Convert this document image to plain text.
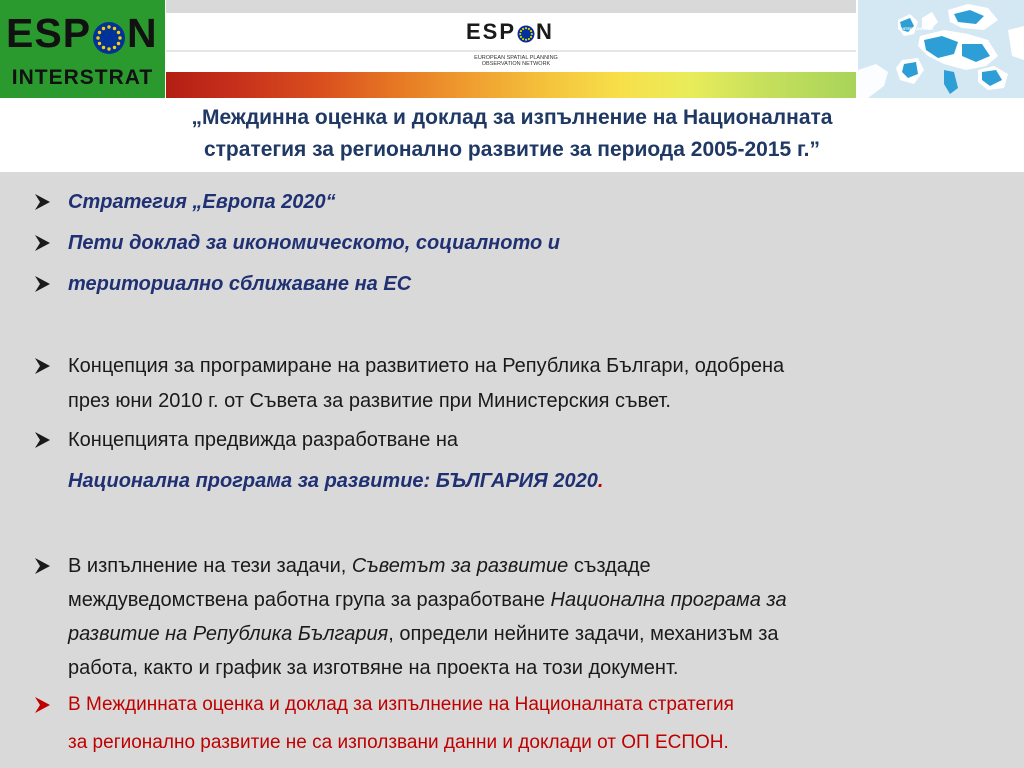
ESP N
INTERSTRAT
ESP N
EUROPEAN SPATIAL PLANNING
OBSERVATION NETWORK
UNITED KINGDOM
„Междинна оценка и доклад за изпълнение на Националната
стратегия за регионално развитие за периода 2005-2015 г.”
Стратегия „Европа 2020“
Пети доклад за икономическото, социалното и
териториално сближаване на ЕС
Концепция за програмиране на развитието на Република Българи, одобрена
през юни 2010 г. от Съвета за развитие при Министерския съвет.
Концепцията предвижда разработване на
Национална програма за развитие: БЪЛГАРИЯ 2020.
В изпълнение на тези задачи, Съветът за развитие създаде
междуведомствена работна група за разработване Национална програма за
развитие на Република България, определи нейните задачи, механизъм за
работа, както и график за изготвяне на проекта на този документ.
В Междинната оценка и доклад за изпълнение на Националната стратегия
за регионално развитие не са използвани данни и доклади от ОП ЕСПОН.
